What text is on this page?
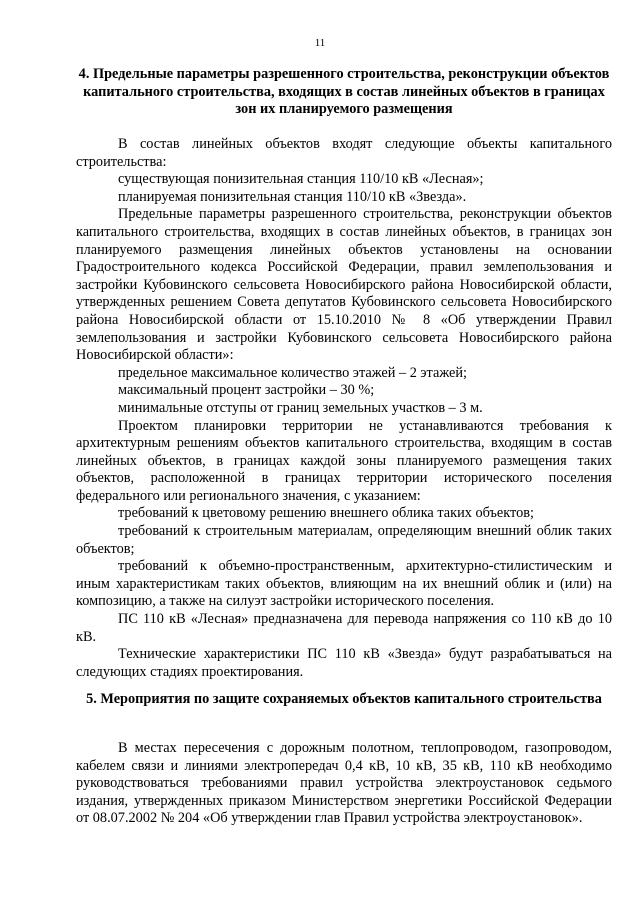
11
4. Предельные параметры разрешенного строительства, реконструкции объектов капитального строительства, входящих в состав линейных объектов в границах зон их планируемого размещения

В состав линейных объектов входят следующие объекты капитального строительства:

существующая понизительная станция 110/10 кВ «Лесная»;

планируемая понизительная станция 110/10 кВ «Звезда».

Предельные параметры разрешенного строительства, реконструкции объектов капитального строительства, входящих в состав линейных объектов, в границах зон планируемого размещения линейных объектов установлены на основании Градостроительного кодекса Российской Федерации, правил землепользования и застройки Кубовинского сельсовета Новосибирского района Новосибирской области, утвержденных решением Совета депутатов Кубовинского сельсовета Новосибирского района Новосибирской области от 15.10.2010 № 8 «Об утверждении Правил землепользования и застройки Кубовинского сельсовета Новосибирского района Новосибирской области»:

предельное максимальное количество этажей – 2 этажей;

максимальный процент застройки – 30 %;

минимальные отступы от границ земельных участков – 3 м.

Проектом планировки территории не устанавливаются требования к архитектурным решениям объектов капитального строительства, входящим в состав линейных объектов, в границах каждой зоны планируемого размещения таких объектов, расположенной в границах территории исторического поселения федерального или регионального значения, с указанием:

требований к цветовому решению внешнего облика таких объектов;

требований к строительным материалам, определяющим внешний облик таких объектов;

требований к объемно-пространственным, архитектурно-стилистическим и иным характеристикам таких объектов, влияющим на их внешний облик и (или) на композицию, а также на силуэт застройки исторического поселения.

ПС 110 кВ «Лесная» предназначена для перевода напряжения со 110 кВ до 10 кВ.

Технические характеристики ПС 110 кВ «Звезда» будут разрабатываться на следующих стадиях проектирования.

5. Мероприятия по защите сохраняемых объектов капитального строительства

В местах пересечения с дорожным полотном, теплопроводом, газопроводом, кабелем связи и линиями электропередач 0,4 кВ, 10 кВ, 35 кВ, 110 кВ необходимо руководствоваться требованиями правил устройства электроустановок седьмого издания, утвержденных приказом Министерством энергетики Российской Федерации от 08.07.2002 № 204 «Об утверждении глав Правил устройства электроустановок».
